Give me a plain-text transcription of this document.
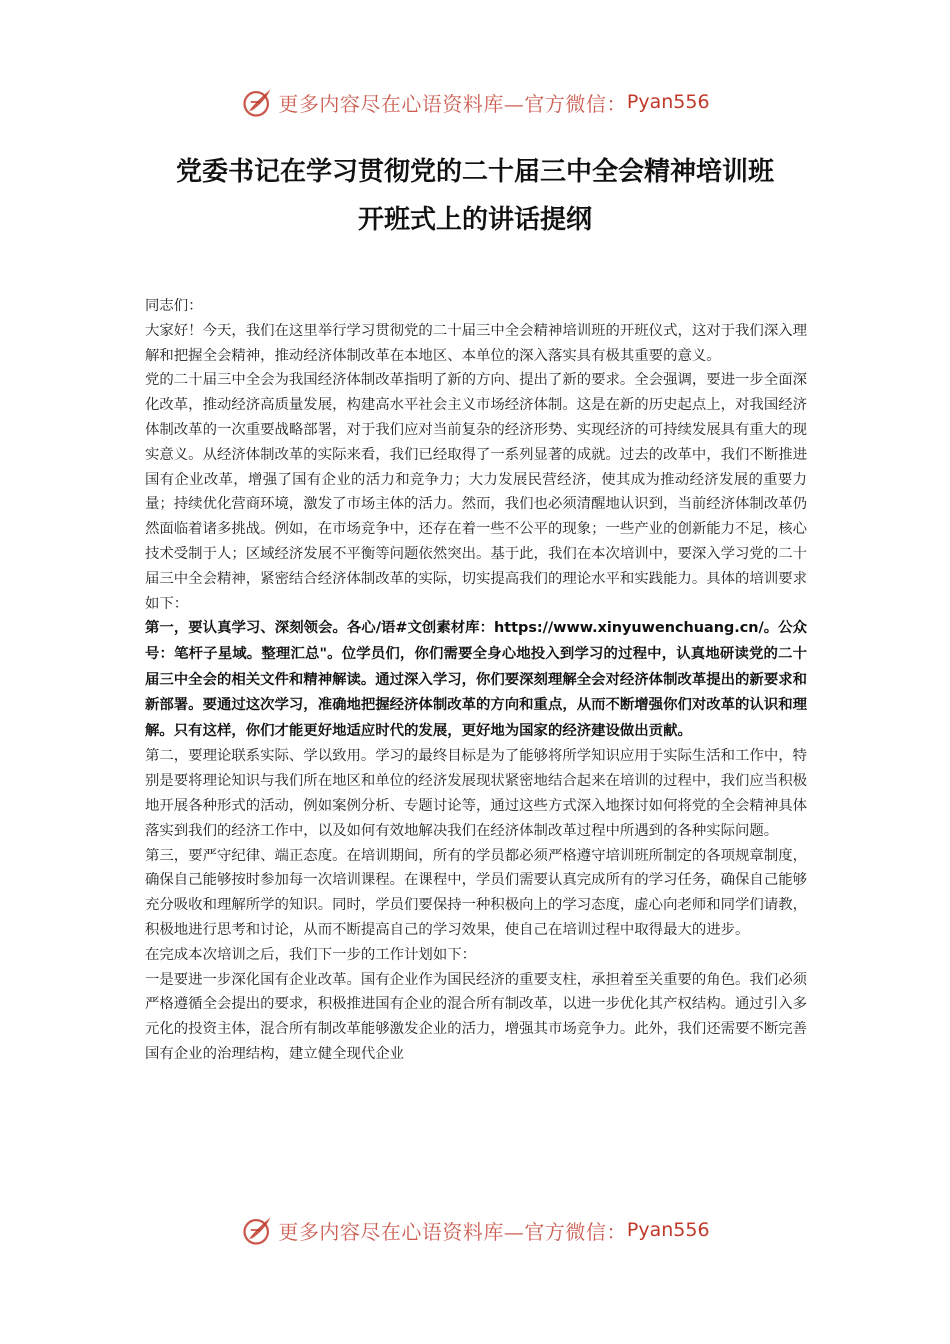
更多内容尽在心语资料库—官方微信： Pyan556
党委书记在学习贯彻党的二十届三中全会精神培训班
开班式上的讲话提纲

同志们：

大家好！今天，我们在这里举行学习贯彻党的二十届三中全会精神培训班的开班仪式，这对于我们深入理解和把握全会精神，推动经济体制改革在本地区、本单位的深入落实具有极其重要的意义。

党的二十届三中全会为我国经济体制改革指明了新的方向、提出了新的要求。全会强调，要进一步全面深化改革，推动经济高质量发展，构建高水平社会主义市场经济体制。这是在新的历史起点上，对我国经济体制改革的一次重要战略部署，对于我们应对当前复杂的经济形势、实现经济的可持续发展具有重大的现实意义。从经济体制改革的实际来看，我们已经取得了一系列显著的成就。过去的改革中，我们不断推进国有企业改革，增强了国有企业的活力和竞争力；大力发展民营经济，使其成为推动经济发展的重要力量；持续优化营商环境，激发了市场主体的活力。然而，我们也必须清醒地认识到，当前经济体制改革仍然面临着诸多挑战。例如，在市场竞争中，还存在着一些不公平的现象；一些产业的创新能力不足，核心技术受制于人；区域经济发展不平衡等问题依然突出。基于此，我们在本次培训中，要深入学习党的二十届三中全会精神，紧密结合经济体制改革的实际，切实提高我们的理论水平和实践能力。具体的培训要求如下：

第一，要认真学习、深刻领会。各心/语#文创素材库：https://www.xinyuwenchuang.cn/。公众号：笔杆子星域。整理汇总"。位学员们，你们需要全身心地投入到学习的过程中，认真地研读党的二十届三中全会的相关文件和精神解读。通过深入学习，你们要深刻理解全会对经济体制改革提出的新要求和新部署。要通过这次学习，准确地把握经济体制改革的方向和重点，从而不断增强你们对改革的认识和理解。只有这样，你们才能更好地适应时代的发展，更好地为国家的经济建设做出贡献。

第二，要理论联系实际、学以致用。学习的最终目标是为了能够将所学知识应用于实际生活和工作中，特别是要将理论知识与我们所在地区和单位的经济发展现状紧密地结合起来在培训的过程中，我们应当积极地开展各种形式的活动，例如案例分析、专题讨论等，通过这些方式深入地探讨如何将党的全会精神具体落实到我们的经济工作中，以及如何有效地解决我们在经济体制改革过程中所遇到的各种实际问题。

第三，要严守纪律、端正态度。在培训期间，所有的学员都必须严格遵守培训班所制定的各项规章制度，确保自己能够按时参加每一次培训课程。在课程中，学员们需要认真完成所有的学习任务，确保自己能够充分吸收和理解所学的知识。同时，学员们要保持一种积极向上的学习态度，虚心向老师和同学们请教，积极地进行思考和讨论，从而不断提高自己的学习效果，使自己在培训过程中取得最大的进步。

在完成本次培训之后，我们下一步的工作计划如下：

一是要进一步深化国有企业改革。国有企业作为国民经济的重要支柱，承担着至关重要的角色。我们必须严格遵循全会提出的要求，积极推进国有企业的混合所有制改革，以进一步优化其产权结构。通过引入多元化的投资主体，混合所有制改革能够激发企业的活力，增强其市场竞争力。此外，我们还需要不断完善国有企业的治理结构，建立健全现代企业

更多内容尽在心语资料库—官方微信： Pyan556
